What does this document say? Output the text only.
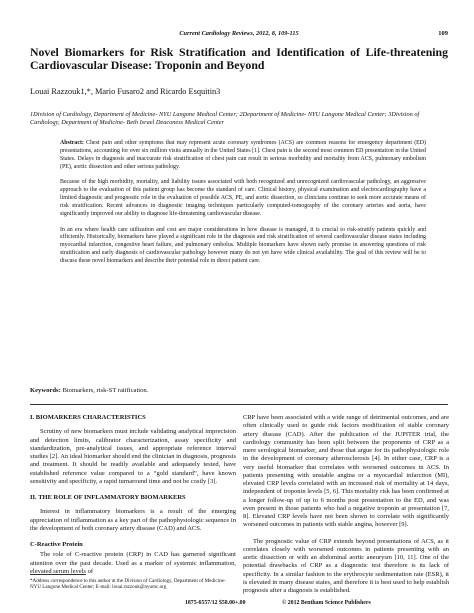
Current Cardiology Reviews, 2012, 8, 109-115	109
Novel Biomarkers for Risk Stratification and Identification of Life-threatening Cardiovascular Disease: Troponin and Beyond
Louai Razzouk1,*, Mario Fusaro2 and Ricardo Esquitin3

1Division of Cardiology, Department of Medicine- NYU Langone Medical Center; 2Department of Medicine- NYU Langone Medical Center; 3Division of Cardiology, Department of Medicine- Beth Israel Deaconess Medical Center

Abstract: Chest pain and other symptoms that may represent acute coronary syndromes (ACS) are common reasons for emergency department (ED) presentations, accounting for over six million visits annually in the United States [1]. Chest pain is the second most common ED presentation in the United States. Delays in diagnosis and inaccurate risk stratification of chest pain can result in serious morbidity and mortality from ACS, pulmonary embolism (PE), aortic dissection and other serious pathology.

Because of the high morbidity, mortality, and liability issues associated with both recognized and unrecognized cardiovascular pathology, an aggressive approach to the evaluation of this patient group has become the standard of care. Clinical history, physical examination and electrocardiography have a limited diagnostic and prognostic role in the evaluation of possible ACS, PE, and aortic dissection, so clinicians continue to seek more accurate means of risk stratification. Recent advances in diagnostic imaging techniques particularly computed-tomography of the coronary arteries and aorta, have significantly improved our ability to diagnose life-threatening cardiovascular disease.

In an era where health care utilization and cost are major considerations in how disease is managed, it is crucial to risk-stratify patients quickly and efficiently. Historically, biomarkers have played a significant role in the diagnosis and risk stratification of several cardiovascular disease states including myocardial infarction, congestive heart failure, and pulmonary embolus. Multiple biomarkers have shown early promise in answering questions of risk stratification and early diagnosis of cardiovascular pathology however many do not yet have wide clinical availability. The goal of this review will be to discuss these novel biomarkers and describe their potential role in direct patient care.

Keywords: Biomarkers, risk-ST ratification.
I. BIOMARKERS CHARACTERISTICS

Scrutiny of new biomarkers must include validating analytical imprecision and detection limits, calibrator characterization, assay specificity and standardization, pre-analytical issues, and appropriate reference interval studies [2]. An ideal biomarker should end the clinician in diagnosis, prognosis and treatment. It should be readily available and adequately tested, have established reference value compared to a “gold standard”, have known sensitivity and specificity, a rapid turnaround time and not be costly [3].

II. THE ROLE OF INFLAMMATORY BIOMARKERS

Interest in inflammatory biomarkers is a result of the emerging appreciation of inflammation as a key part of the pathophysiologic sequence in the development of both coronary artery disease (CAD) and ACS.

C-Reactive Protein

The role of C-reactive protein (CRP) in CAD has garnered significant attention over the past decade. Used as a marker of systemic inflammation, elevated serum levels of

CRP have been associated with a wide range of detrimental outcomes, and are often clinically used to guide risk factors modification of stable coronary artery disease (CAD). After the publication of the JUPITER trial, the cardiology community has been split between the proponents of CRP as a mere serological biomarker, and those that argue for its pathophysiologic role in the development of coronary atherosclerosis [4]. In either case, CRP is a very useful biomarker that correlates with worsened outcomes in ACS. In patients presenting with unstable angina or a myocardial infarction (MI), elevated CRP levels correlated with an increased risk of mortality at 14 days, independent of troponin levels [5, 6]. This mortality risk has been confirmed at a longer follow-up of up to 6 months post presentation to the ED, and was even present in those patients who had a negative troponin at presentation [7, 8]. Elevated CRP levels have not been shown to correlate with significantly worsened outcomes in patients with stable angina, however [9].

The prognostic value of CRP extends beyond presentations of ACS, as it correlates closely with worsened outcomes in patients presenting with an aortic dissection or with an abdominal aortic aneurysm [10, 11]. One of the potential drawbacks of CRP as a diagnostic test therefore is its lack of specificity. In a similar fashion to the erythrocyte sedimentation rate (ESR), it is elevated in many disease states, and therefore it is best used to help establish prognosis after a diagnosis is established.

*Address correspondence to this author at the Division of Cardiology, Department of Medicine- NYU Langone Medical Center; E-mail: louai.razzouk@nyumc.org

1875-6557/12 $58.00+.00	© 2012 Bentham Science Publishers
